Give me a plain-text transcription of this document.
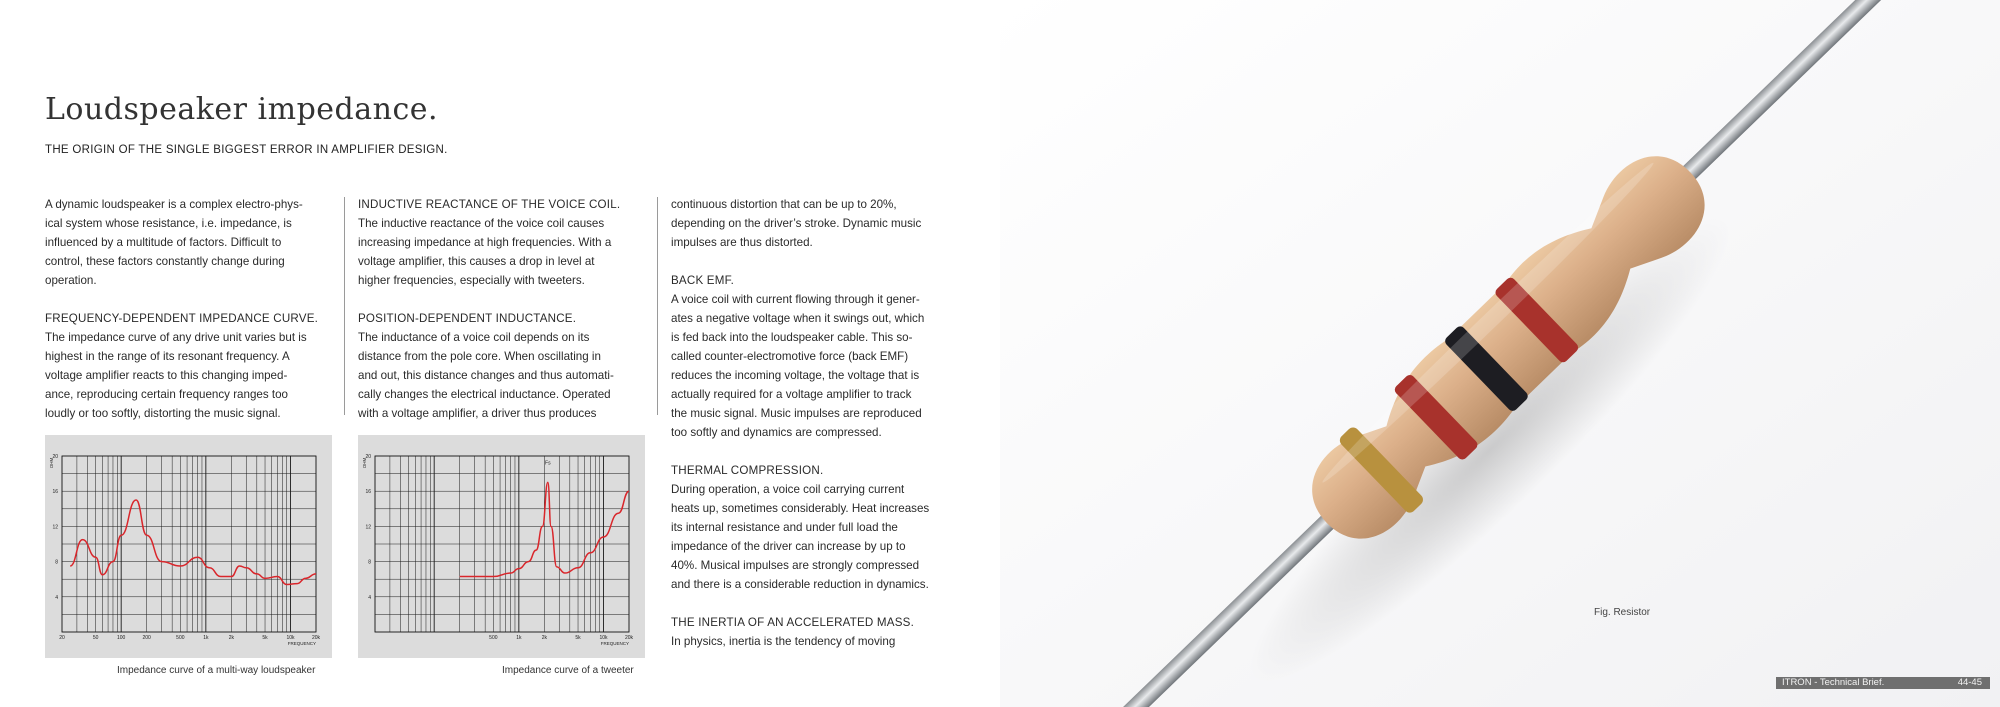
Loudspeaker impedance.
THE ORIGIN OF THE SINGLE BIGGEST ERROR IN AMPLIFIER DESIGN.

A dynamic loudspeaker is a complex electro-phys-
ical system whose resistance, i.e. impedance, is
influenced by a multitude of factors. Difficult to
control, these factors constantly change during
operation.

FREQUENCY-DEPENDENT IMPEDANCE CURVE.
The impedance curve of any drive unit varies but is
highest in the range of its resonant frequency. A
voltage amplifier reacts to this changing imped-
ance, reproducing certain frequency ranges too
loudly or too softly, distorting the music signal.

INDUCTIVE REACTANCE OF THE VOICE COIL.
The inductive reactance of the voice coil causes
increasing impedance at high frequencies. With a
voltage amplifier, this causes a drop in level at
higher frequencies, especially with tweeters.

POSITION-DEPENDENT INDUCTANCE.
The inductance of a voice coil depends on its
distance from the pole core. When oscillating in
and out, this distance changes and thus automati-
cally changes the electrical inductance. Operated
with a voltage amplifier, a driver thus produces

continuous distortion that can be up to 20%,
depending on the driver’s stroke. Dynamic music
impulses are thus distorted.

BACK EMF.
A voice coil with current flowing through it gener-
ates a negative voltage when it swings out, which
is fed back into the loudspeaker cable. This so-
called counter-electromotive force (back EMF)
reduces the incoming voltage, the voltage that is
actually required for a voltage amplifier to track
the music signal. Music impulses are reproduced
too softly and dynamics are compressed.

THERMAL COMPRESSION.
During operation, a voice coil carrying current
heats up, sometimes considerably. Heat increases
its internal resistance and under full load the
impedance of the driver can increase by up to
40%. Musical impulses are strongly compressed
and there is a considerable reduction in dynamics.

THE INERTIA OF AN ACCELERATED MASS.
In physics, inertia is the tendency of moving

4
8
12
16
20
20	50	100	200	500	1k	2k	5k	10k	20k
OHM
FREQUENCY
Impedance curve of a multi-way loudspeaker
4
8
12
16
20
500	1k	2k	5k	10k	20k
OHM
FREQUENCY
Fs
Impedance curve of a tweeter
Fig. Resistor
ITRON - Technical Brief.	44-45
